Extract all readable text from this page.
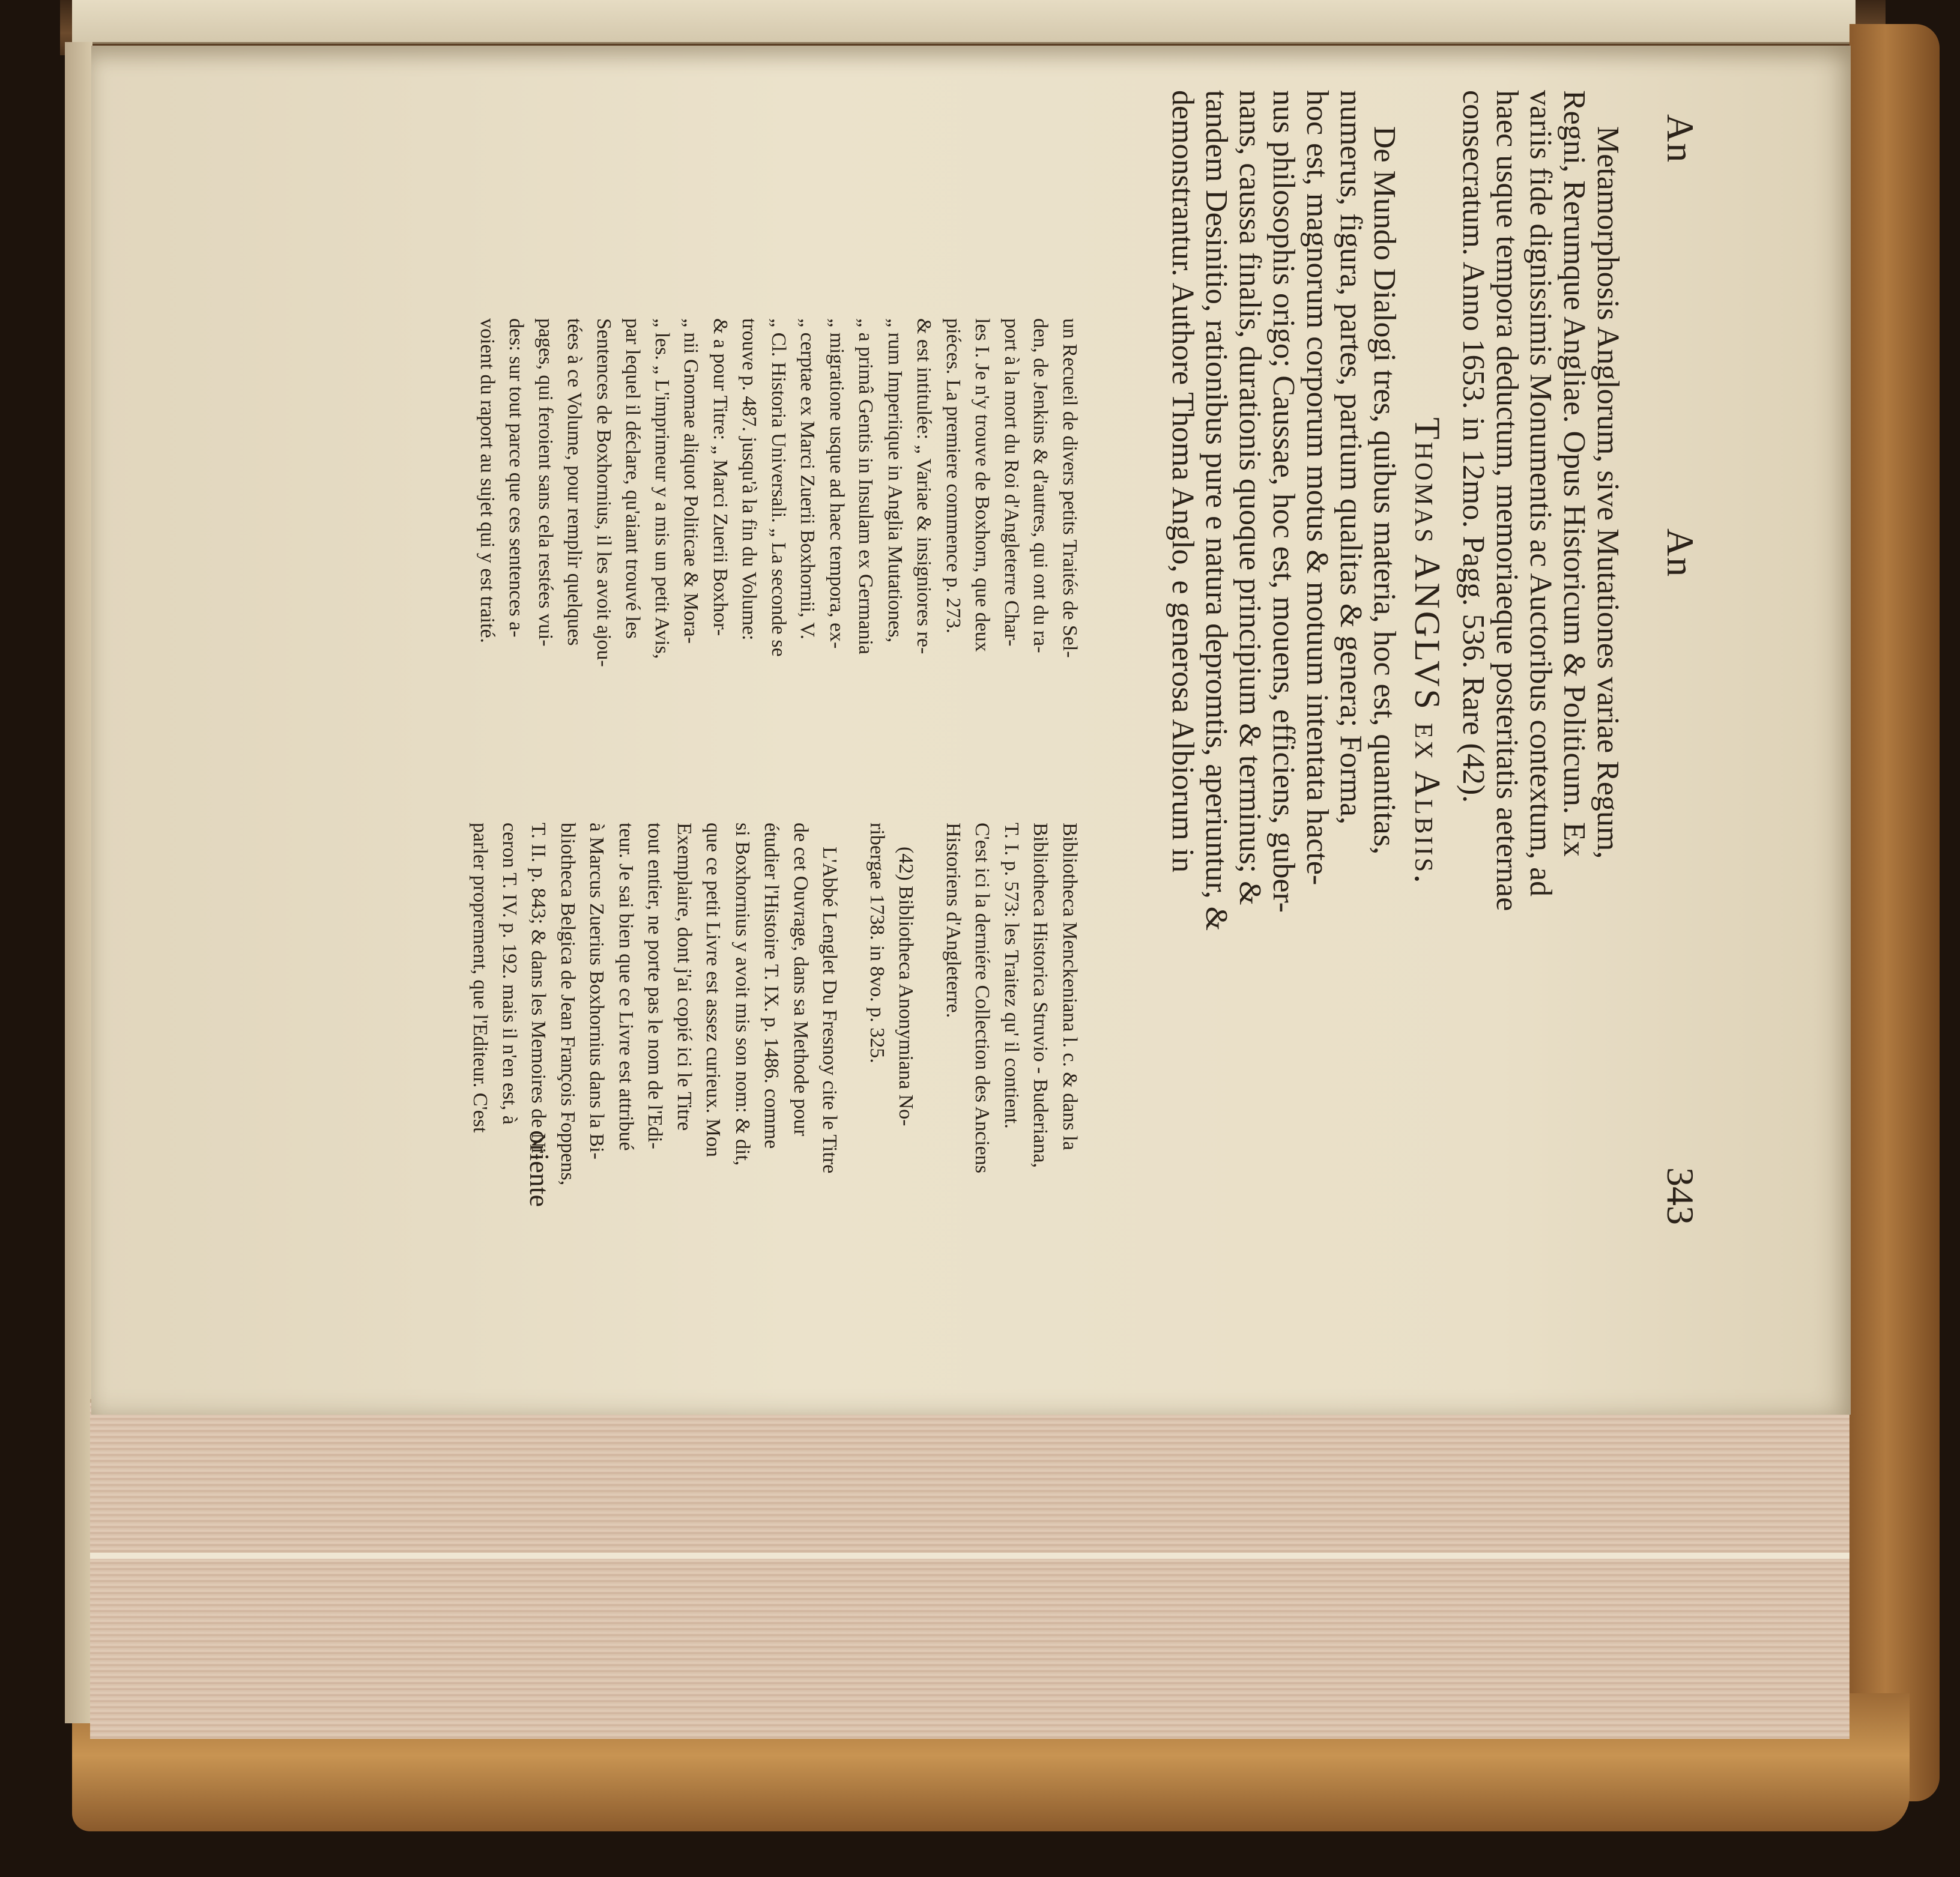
An
An
343

Metamorphosis Anglorum, sive Mutationes variae Regum,

Regni, Rerumque Angliae. Opus Historicum & Politicum. Ex

variis fide dignissimis Monumentis ac Auctoribus contextum, ad

haec usque tempora deductum, memoriaeque posteritatis aeternae

consecratum. Anno 1653. in 12mo. Pagg. 536. Rare (42).

Thomas ANGLVS ex Albiis.

De Mundo Dialogi tres, quibus materia, hoc est, quantitas,

numerus, figura, partes, partium qualitas & genera; Forma,

hoc est, magnorum corporum motus & motuum intentata hacte-

nus philosophis origo; Caussae, hoc est, mouens, efficiens, guber-

nans, caussa finalis, durationis quoque principium & terminus; &

tandem Desinitio, rationibus pure e natura depromtis, aperiuntur, &

demonstrantur. Authore Thoma Anglo, e generosa Albiorum in

oriente

Bibliotheca Menckeniana l. c. & dans la

Bibliotheca Historica Struvio - Buderiana,

T. I. p. 573: les Traitez qu' il contient.

C'est ici la derniére Collection des Anciens

Historiens d'Angleterre.

(42) Bibliotheca Anonymiana No-

ribergae 1738. in 8vo. p. 325.

L'Abbé Lenglet Du Fresnoy cite le Titre

de cet Ouvrage, dans sa Methode pour

étudier l'Histoire T. IX. p. 1486. comme

si Boxhornius y avoit mis son nom: & dit,

que ce petit Livre est assez curieux. Mon

Exemplaire, dont j'ai copié ici le Titre

tout entier, ne porte pas le nom de l'Edi-

teur. Je sai bien que ce Livre est attribué

à Marcus Zuerius Boxhornius dans la Bi-

bliotheca Belgica de Jean François Foppens,

T. II. p. 843; & dans les Memoires de Ni-

ceron T. IV. p. 192. mais il n'en est, à

parler proprement, que l'Editeur. C'est

un Recueil de divers petits Traités de Sel-

den, de Jenkins & d'autres, qui ont du ra-

port à la mort du Roi d'Angleterre Char-

les I. Je n'y trouve de Boxhorn, que deux

piéces. La premiere commence p. 273.

& est intitulée: „ Variae & insigniores re-

„ rum Imperiique in Anglia Mutationes,

„ a primâ Gentis in Insulam ex Germania

„ migratione usque ad haec tempora, ex-

„ cerptae ex Marci Zuerii Boxhornii, V.

„ Cl. Historia Universali. „ La seconde se

trouve p. 487. jusqu'à la fin du Volume:

& a pour Titre: „ Marci Zuerii Boxhor-

„ nii Gnomae aliquot Politicae & Mora-

„ les. „ L'imprimeur y a mis un petit Avis,

par lequel il déclare, qu'aiant trouvé les

Sentences de Boxhornius, il les avoit ajou-

tées à ce Volume, pour remplir quelques

pages, qui feroient sans cela restées vui-

des: sur tout parce que ces sentences a-

voient du raport au sujet qui y est traité.
